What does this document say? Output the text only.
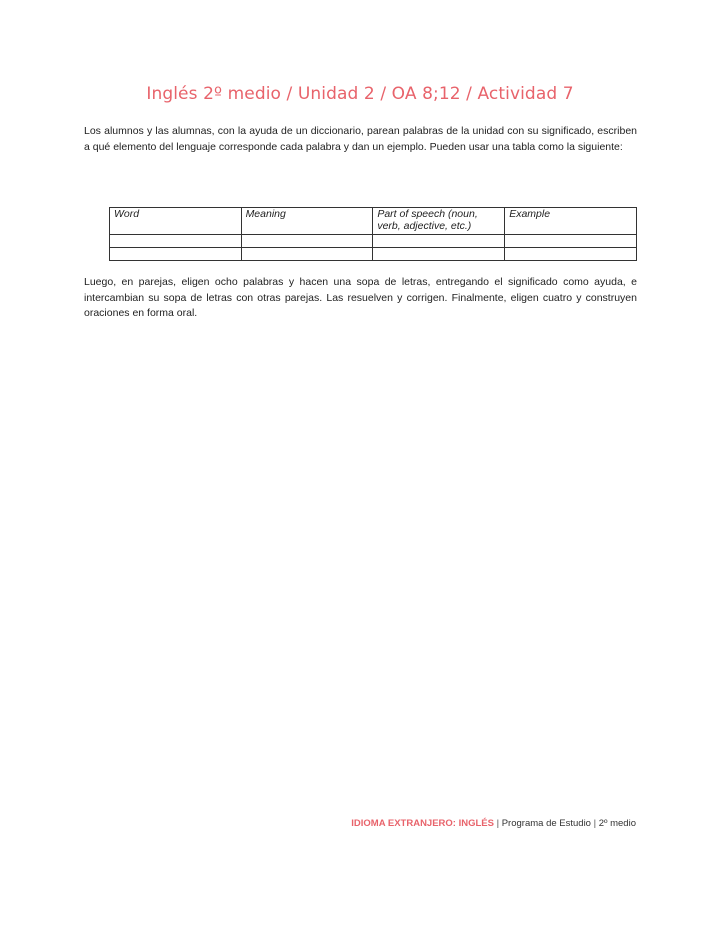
Inglés 2º medio / Unidad 2 / OA 8;12 / Actividad 7

Los alumnos y las alumnas, con la ayuda de un diccionario, parean palabras de la unidad con su significado, escriben a qué elemento del lenguaje corresponde cada palabra y dan un ejemplo. Pueden usar una tabla como la siguiente:

Word	Meaning	Part of speech (noun, verb, adjective, etc.)	Example

Luego, en parejas, eligen ocho palabras y hacen una sopa de letras, entregando el significado como ayuda, e intercambian su sopa de letras con otras parejas. Las resuelven y corrigen. Finalmente, eligen cuatro y construyen oraciones en forma oral.

IDIOMA EXTRANJERO: INGLÉS | Programa de Estudio | 2º medio
